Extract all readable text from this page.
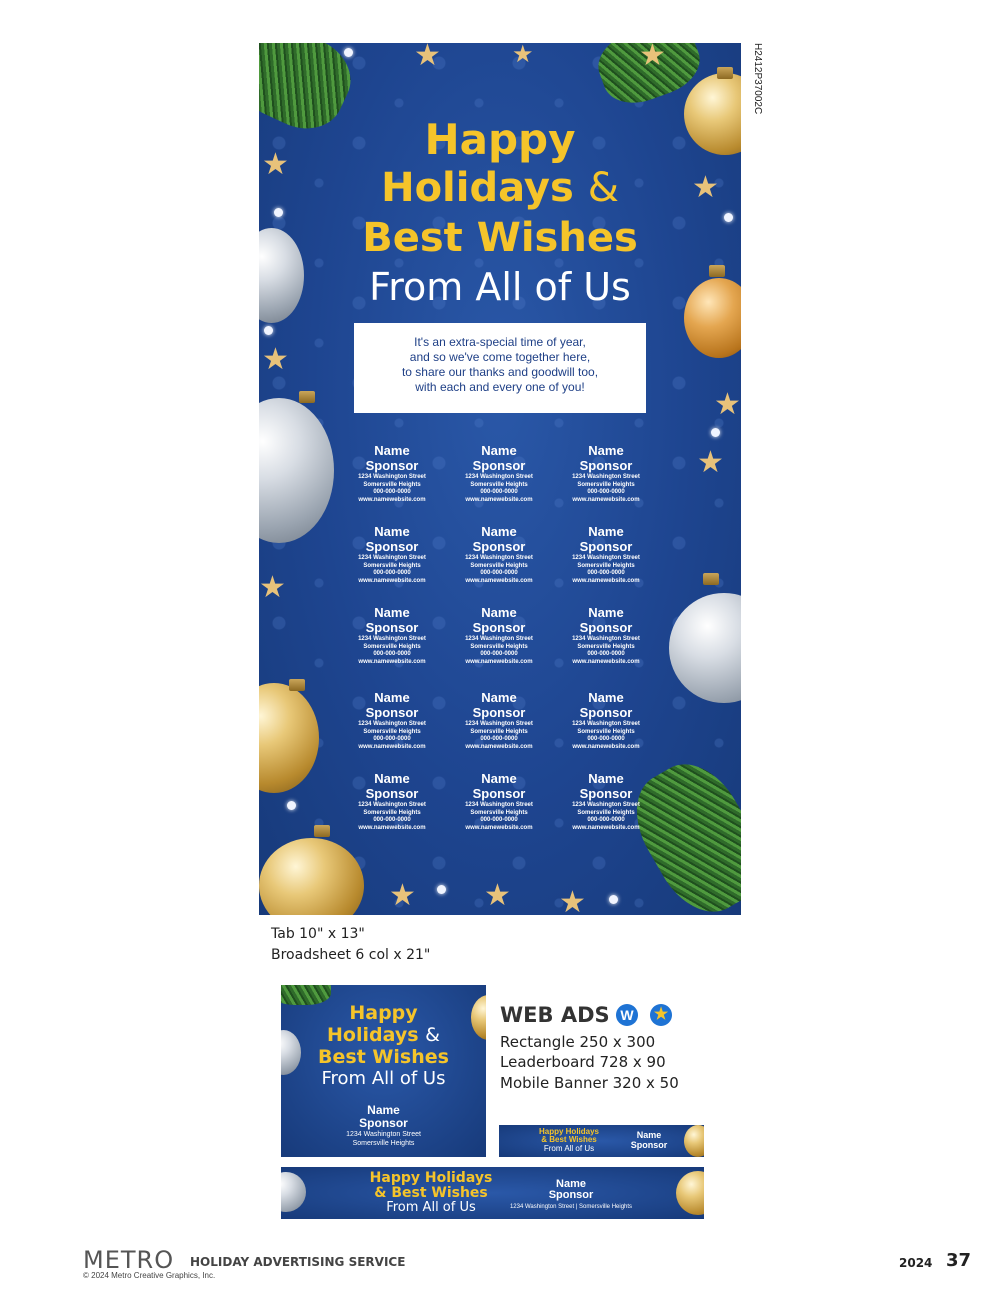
★	★	★
★
★
★
★
★
★
★ ★ ★
Happy
Holidays &
Best Wishes
From All of Us
It's an extra-special time of year,
and so we've come together here,
to share our thanks and goodwill too,
with each and every one of you!
Name
Sponsor
1234 Washington Street
Somersville Heights
000-000-0000
www.namewebsite.com
Name
Sponsor
1234 Washington Street
Somersville Heights
000-000-0000
www.namewebsite.com
Name
Sponsor
1234 Washington Street
Somersville Heights
000-000-0000
www.namewebsite.com
Name
Sponsor
1234 Washington Street
Somersville Heights
000-000-0000
www.namewebsite.com
Name
Sponsor
1234 Washington Street
Somersville Heights
000-000-0000
www.namewebsite.com
Name
Sponsor
1234 Washington Street
Somersville Heights
000-000-0000
www.namewebsite.com
Name
Sponsor
1234 Washington Street
Somersville Heights
000-000-0000
www.namewebsite.com
Name
Sponsor
1234 Washington Street
Somersville Heights
000-000-0000
www.namewebsite.com
Name
Sponsor
1234 Washington Street
Somersville Heights
000-000-0000
www.namewebsite.com
Name
Sponsor
1234 Washington Street
Somersville Heights
000-000-0000
www.namewebsite.com
Name
Sponsor
1234 Washington Street
Somersville Heights
000-000-0000
www.namewebsite.com
Name
Sponsor
1234 Washington Street
Somersville Heights
000-000-0000
www.namewebsite.com
Name
Sponsor
1234 Washington Street
Somersville Heights
000-000-0000
www.namewebsite.com
Name
Sponsor
1234 Washington Street
Somersville Heights
000-000-0000
www.namewebsite.com
Name
Sponsor
1234 Washington Street
Somersville Heights
000-000-0000
www.namewebsite.com
H2412P37002C
Tab 10" x 13"
Broadsheet 6 col x 21"
Happy
Holidays &
Best Wishes
From All of Us
Name
Sponsor
1234 Washington Street
Somersville Heights
WEB ADS W ★
Rectangle 250 x 300
Leaderboard 728 x 90
Mobile Banner 320 x 50
Happy Holidays
& Best Wishes
From All of Us
Name
Sponsor
Happy Holidays
& Best Wishes
From All of Us
Name
Sponsor
1234 Washington Street | Somersville Heights
METRO HOLIDAY ADVERTISING SERVICE
© 2024 Metro Creative Graphics, Inc.
2024 37
